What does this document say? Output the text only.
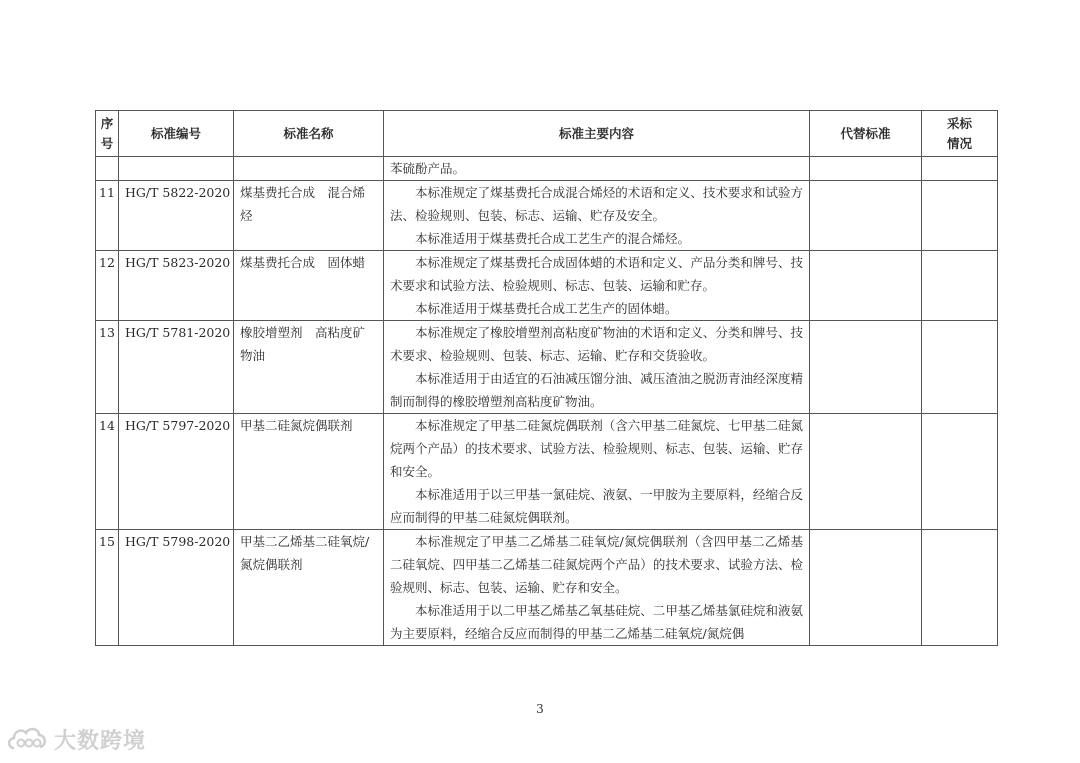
序
号	标准编号	标准名称	标准主要内容	代替标准	采标
情况

			苯硫酚产品。		

11	HG/T 5822-2020	煤基费托合成　混合烯烃	本标准规定了煤基费托合成混合烯烃的术语和定义、技术要求和试验方法、检验规则、包装、标志、运输、贮存及安全。

本标准适用于煤基费托合成工艺生产的混合烯烃。		

12	HG/T 5823-2020	煤基费托合成　固体蜡	本标准规定了煤基费托合成固体蜡的术语和定义、产品分类和牌号、技术要求和试验方法、检验规则、标志、包装、运输和贮存。

本标准适用于煤基费托合成工艺生产的固体蜡。		

13	HG/T 5781-2020	橡胶增塑剂　高粘度矿物油	本标准规定了橡胶增塑剂高粘度矿物油的术语和定义、分类和牌号、技术要求、检验规则、包装、标志、运输、贮存和交货验收。

本标准适用于由适宜的石油减压馏分油、减压渣油之脱沥青油经深度精制而制得的橡胶增塑剂高粘度矿物油。		

14	HG/T 5797-2020	甲基二硅氮烷偶联剂	本标准规定了甲基二硅氮烷偶联剂（含六甲基二硅氮烷、七甲基二硅氮烷两个产品）的技术要求、试验方法、检验规则、标志、包装、运输、贮存和安全。

本标准适用于以三甲基一氯硅烷、液氨、一甲胺为主要原料，经缩合反应而制得的甲基二硅氮烷偶联剂。		

15	HG/T 5798-2020	甲基二乙烯基二硅氧烷/氮烷偶联剂	本标准规定了甲基二乙烯基二硅氧烷/氮烷偶联剂（含四甲基二乙烯基二硅氧烷、四甲基二乙烯基二硅氮烷两个产品）的技术要求、试验方法、检验规则、标志、包装、运输、贮存和安全。

本标准适用于以二甲基乙烯基乙氧基硅烷、二甲基乙烯基氯硅烷和液氨为主要原料，经缩合反应而制得的甲基二乙烯基二硅氧烷/氮烷偶		

3
大数跨境
